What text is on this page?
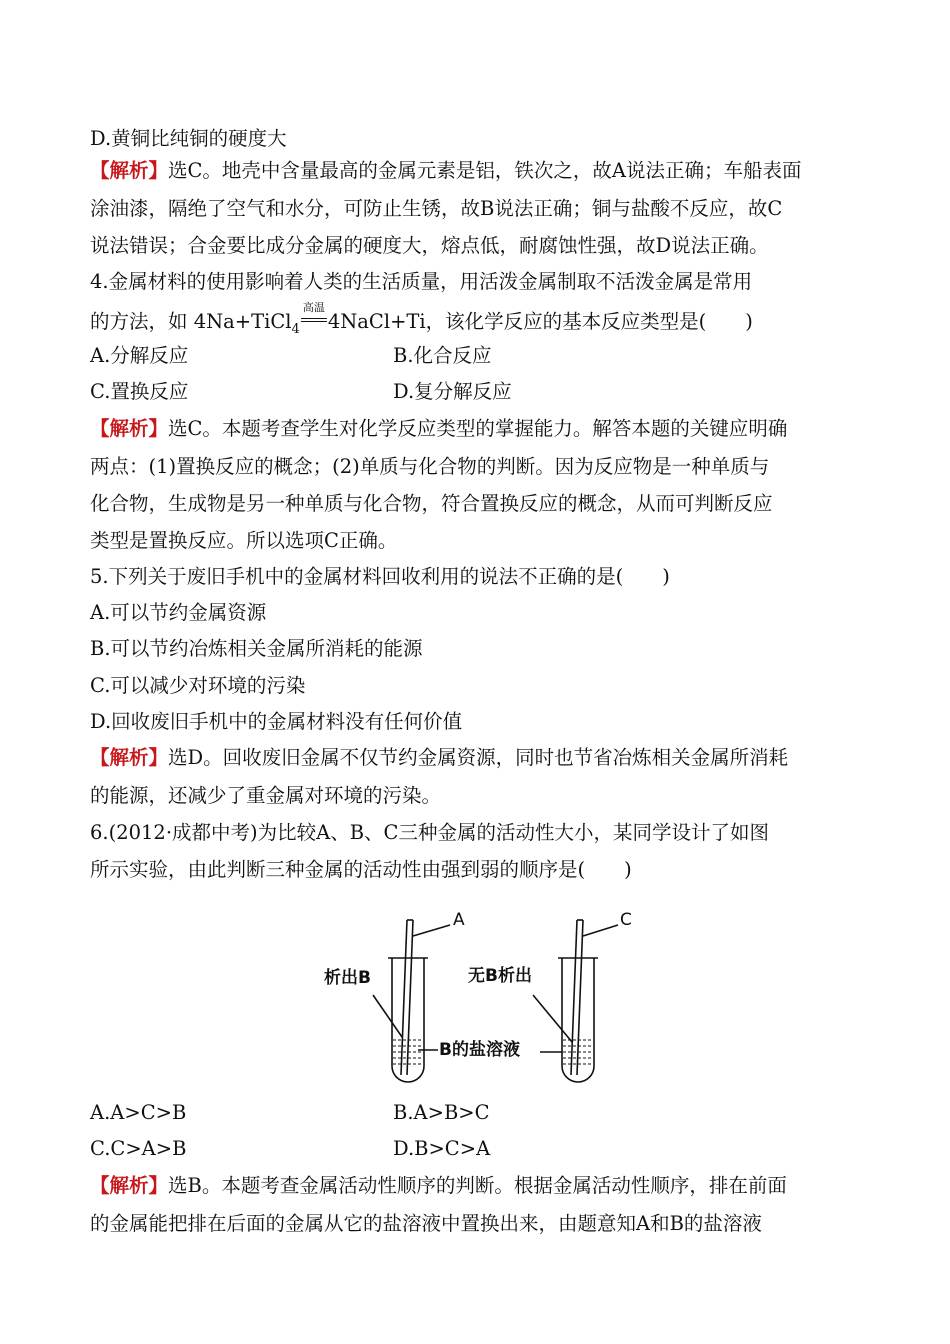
D.黄铜比纯铜的硬度大
【解析】选C。地壳中含量最高的金属元素是铝，铁次之，故A说法正确；车船表面
涂油漆，隔绝了空气和水分，可防止生锈，故B说法正确；铜与盐酸不反应，故C
说法错误；合金要比成分金属的硬度大，熔点低，耐腐蚀性强，故D说法正确。
4.金属材料的使用影响着人类的生活质量，用活泼金属制取不活泼金属是常用
的方法，如 4Na+TiCl$_4$
高温
4NaCl+Ti，该化学反应的基本反应类型是(　　)
A.分解反应	B.化合反应
C.置换反应	D.复分解反应
【解析】选C。本题考查学生对化学反应类型的掌握能力。解答本题的关键应明确
两点：(1)置换反应的概念；(2)单质与化合物的判断。因为反应物是一种单质与
化合物，生成物是另一种单质与化合物，符合置换反应的概念，从而可判断反应
类型是置换反应。所以选项C正确。
5.下列关于废旧手机中的金属材料回收利用的说法不正确的是(　　)
A.可以节约金属资源
B.可以节约冶炼相关金属所消耗的能源
C.可以减少对环境的污染
D.回收废旧手机中的金属材料没有任何价值
【解析】选D。回收废旧金属不仅节约金属资源，同时也节省冶炼相关金属所消耗
的能源，还减少了重金属对环境的污染。
6.(2012·成都中考)为比较A、B、C三种金属的活动性大小，某同学设计了如图
所示实验，由此判断三种金属的活动性由强到弱的顺序是(　　)
A	C
析出B	无B析出
B的盐溶液
A.A>C>B	B.A>B>C
C.C>A>B	D.B>C>A
【解析】选B。本题考查金属活动性顺序的判断。根据金属活动性顺序，排在前面
的金属能把排在后面的金属从它的盐溶液中置换出来，由题意知A和B的盐溶液
